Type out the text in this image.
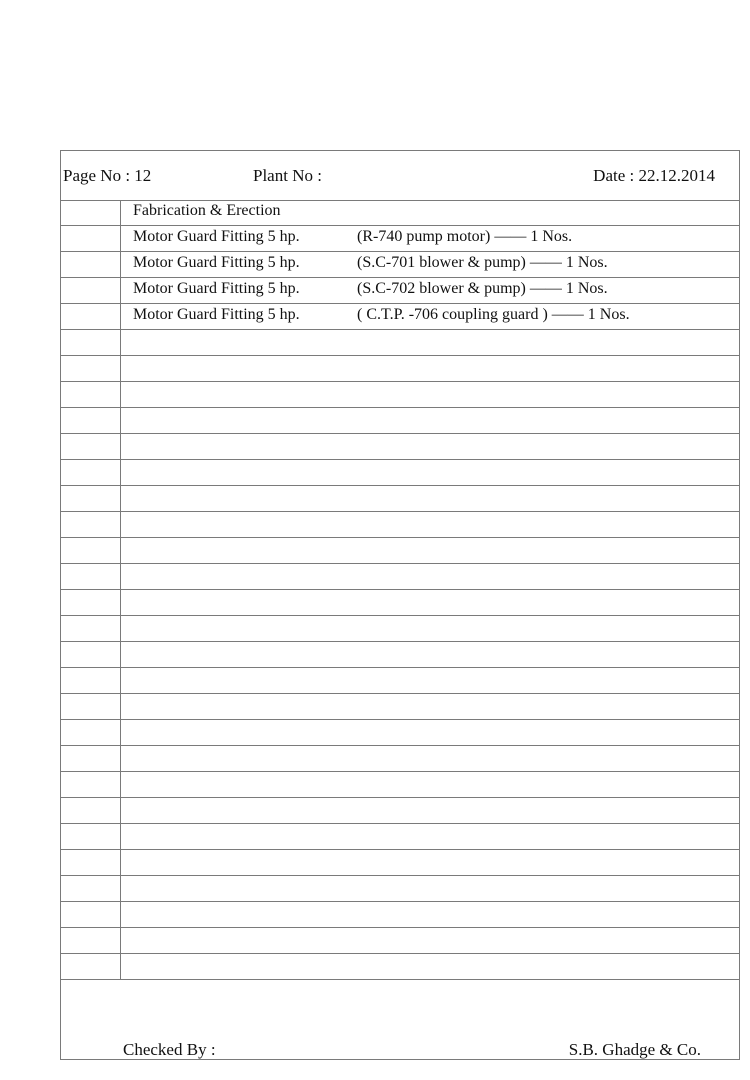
Page No : 12	Plant No :	Date : 22.12.2014
Fabrication & Erection
Motor Guard Fitting 5 hp.	(R-740 pump motor) —— 1 Nos.
Motor Guard Fitting 5 hp.	(S.C-701 blower & pump) —— 1 Nos.
Motor Guard Fitting 5 hp.	(S.C-702 blower & pump) —— 1 Nos.
Motor Guard Fitting 5 hp.	( C.T.P. -706 coupling guard ) —— 1 Nos.
Checked By :	S.B. Ghadge & Co.
